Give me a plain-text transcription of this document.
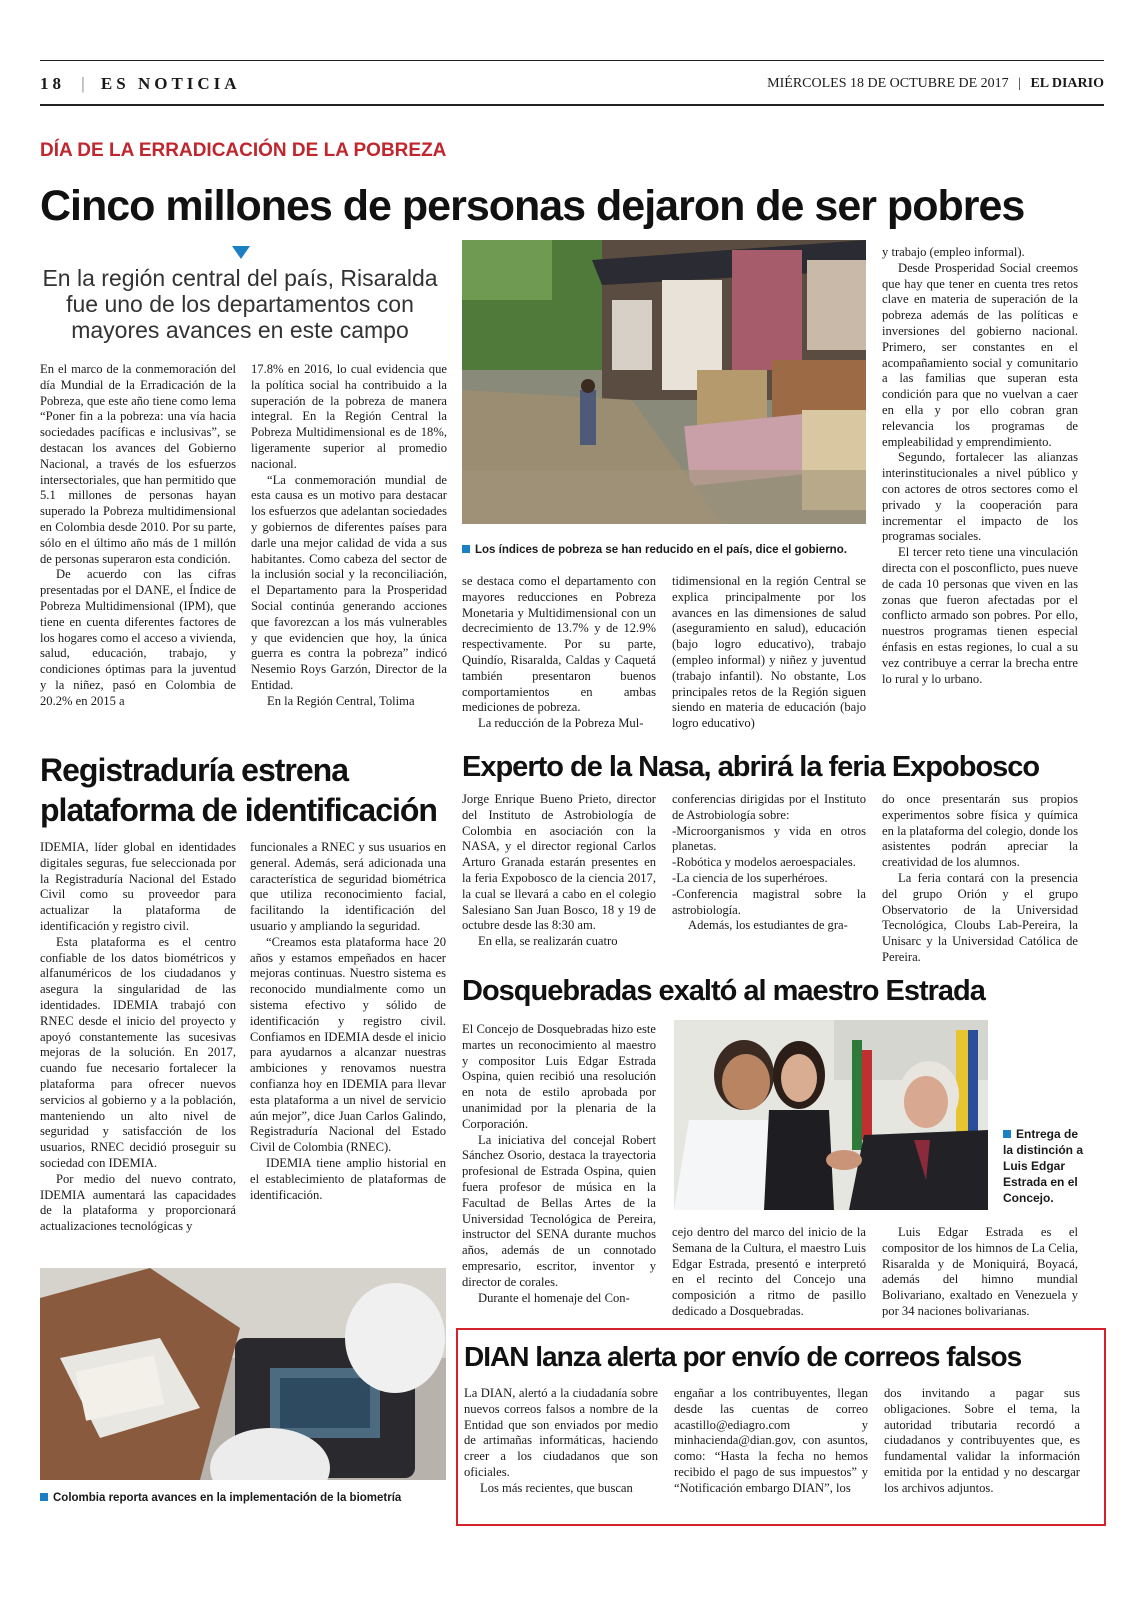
18 | ES NOTICIA	MIÉRCOLES 18 DE OCTUBRE DE 2017 | EL DIARIO
DÍA DE LA ERRADICACIÓN DE LA POBREZA
Cinco millones de personas dejaron de ser pobres
En la región central del país, Risaralda fue uno de los departamentos con mayores avances en este campo

En el marco de la conmemoración del día Mundial de la Erradicación de la Pobreza, que este año tiene como lema “Poner fin a la pobreza: una vía hacia sociedades pacíficas e inclusivas”, se destacan los avances del Gobierno Nacional, a través de los esfuerzos intersectoriales, que han permitido que 5.1 millones de personas hayan superado la Pobreza multidimensional en Colombia desde 2010. Por su parte, sólo en el último año más de 1 millón de personas superaron esta condición.

De acuerdo con las cifras presentadas por el DANE, el Índice de Pobreza Multidimensional (IPM), que tiene en cuenta diferentes factores de los hogares como el acceso a vivienda, salud, educación, trabajo, y condiciones óptimas para la juventud y la niñez, pasó en Colombia de 20.2% en 2015 a

17.8% en 2016, lo cual evidencia que la política social ha contribuido a la superación de la pobreza de manera integral. En la Región Central la Pobreza Multidimensional es de 18%, ligeramente superior al promedio nacional.

“La conmemoración mundial de esta causa es un motivo para destacar los esfuerzos que adelantan sociedades y gobiernos de diferentes países para darle una mejor calidad de vida a sus habitantes. Como cabeza del sector de la inclusión social y la reconciliación, el Departamento para la Prosperidad Social continúa generando acciones que favorezcan a los más vulnerables y que evidencien que hoy, la única guerra es contra la pobreza” indicó Nesemio Roys Garzón, Director de la Entidad.

En la Región Central, Tolima

Los índices de pobreza se han reducido en el país, dice el gobierno.

se destaca como el departamento con mayores reducciones en Pobreza Monetaria y Multidimensional con un decrecimiento de 13.7% y de 12.9% respectivamente. Por su parte, Quindío, Risaralda, Caldas y Caquetá también presentaron buenos comportamientos en ambas mediciones de pobreza.

La reducción de la Pobreza Mul-

tidimensional en la región Central se explica principalmente por los avances en las dimensiones de salud (aseguramiento en salud), educación (bajo logro educativo), trabajo (empleo informal) y niñez y juventud (trabajo infantil). No obstante, Los principales retos de la Región siguen siendo en materia de educación (bajo logro educativo)

y trabajo (empleo informal).

Desde Prosperidad Social creemos que hay que tener en cuenta tres retos clave en materia de superación de la pobreza además de las políticas e inversiones del gobierno nacional. Primero, ser constantes en el acompañamiento social y comunitario a las familias que superan esta condición para que no vuelvan a caer en ella y por ello cobran gran relevancia los programas de empleabilidad y emprendimiento.

Segundo, fortalecer las alianzas interinstitucionales a nivel público y con actores de otros sectores como el privado y la cooperación para incrementar el impacto de los programas sociales.

El tercer reto tiene una vinculación directa con el posconflicto, pues nueve de cada 10 personas que viven en las zonas que fueron afectadas por el conflicto armado son pobres. Por ello, nuestros programas tienen especial énfasis en estas regiones, lo cual a su vez contribuye a cerrar la brecha entre lo rural y lo urbano.

Registraduría estrena
plataforma de identificación

IDEMIA, líder global en identidades digitales seguras, fue seleccionada por la Registraduría Nacional del Estado Civil como su proveedor para actualizar la plataforma de identificación y registro civil.

Esta plataforma es el centro confiable de los datos biométricos y alfanuméricos de los ciudadanos y asegura la singularidad de las identidades. IDEMIA trabajó con RNEC desde el inicio del proyecto y apoyó constantemente las sucesivas mejoras de la solución. En 2017, cuando fue necesario fortalecer la plataforma para ofrecer nuevos servicios al gobierno y a la población, manteniendo un alto nivel de seguridad y satisfacción de los usuarios, RNEC decidió proseguir su sociedad con IDEMIA.

Por medio del nuevo contrato, IDEMIA aumentará las capacidades de la plataforma y proporcionará actualizaciones tecnológicas y

funcionales a RNEC y sus usuarios en general. Además, será adicionada una característica de seguridad biométrica que utiliza reconocimiento facial, facilitando la identificación del usuario y ampliando la seguridad.

“Creamos esta plataforma hace 20 años y estamos empeñados en hacer mejoras continuas. Nuestro sistema es reconocido mundialmente como un sistema efectivo y sólido de identificación y registro civil. Confiamos en IDEMIA desde el inicio para ayudarnos a alcanzar nuestras ambiciones y renovamos nuestra confianza hoy en IDEMIA para llevar esta plataforma a un nivel de servicio aún mejor”, dice Juan Carlos Galindo, Registraduría Nacional del Estado Civil de Colombia (RNEC).

IDEMIA tiene amplio historial en el establecimiento de plataformas de identificación.

Colombia reporta avances en la implementación de la biometría
Experto de la Nasa, abrirá la feria Expobosco

Jorge Enrique Bueno Prieto, director del Instituto de Astrobiología de Colombia en asociación con la NASA, y el director regional Carlos Arturo Granada estarán presentes en la feria Expobosco de la ciencia 2017, la cual se llevará a cabo en el colegio Salesiano San Juan Bosco, 18 y 19 de octubre desde las 8:30 am.

En ella, se realizarán cuatro

conferencias dirigidas por el Instituto de Astrobiología sobre:

-Microorganismos y vida en otros planetas.

-Robótica y modelos aeroespaciales.

-La ciencia de los superhéroes.

-Conferencia magistral sobre la astrobiología.

Además, los estudiantes de gra-

do once presentarán sus propios experimentos sobre física y química en la plataforma del colegio, donde los asistentes podrán apreciar la creatividad de los alumnos.

La feria contará con la presencia del grupo Orión y el grupo Observatorio de la Universidad Tecnológica, Cloubs Lab-Pereira, la Unisarc y la Universidad Católica de Pereira.

Dosquebradas exaltó al maestro Estrada

El Concejo de Dosquebradas hizo este martes un reconocimiento al maestro y compositor Luis Edgar Estrada Ospina, quien recibió una resolución en nota de estilo aprobada por unanimidad por la plenaria de la Corporación.

La iniciativa del concejal Robert Sánchez Osorio, destaca la trayectoria profesional de Estrada Ospina, quien fuera profesor de música en la Facultad de Bellas Artes de la Universidad Tecnológica de Pereira, instructor del SENA durante muchos años, además de un connotado empresario, escritor, inventor y director de corales.

Durante el homenaje del Con-

Entrega de la distinción a Luis Edgar Estrada en el Concejo.

cejo dentro del marco del inicio de la Semana de la Cultura, el maestro Luis Edgar Estrada, presentó e interpretó en el recinto del Concejo una composición a ritmo de pasillo dedicado a Dosquebradas.

Luis Edgar Estrada es el compositor de los himnos de La Celia, Risaralda y de Moniquirá, Boyacá, además del himno mundial Bolivariano, exaltado en Venezuela y por 34 naciones bolivarianas.

DIAN lanza alerta por envío de correos falsos

La DIAN, alertó a la ciudadanía sobre nuevos correos falsos a nombre de la Entidad que son enviados por medio de artimañas informáticas, haciendo creer a los ciudadanos que son oficiales.

Los más recientes, que buscan

engañar a los contribuyentes, llegan desde las cuentas de correo acastillo@ediagro.com y minhacienda@dian.gov, con asuntos, como: “Hasta la fecha no hemos recibido el pago de sus impuestos” y “Notificación embargo DIAN”, los

dos invitando a pagar sus obligaciones. Sobre el tema, la autoridad tributaria recordó a ciudadanos y contribuyentes que, es fundamental validar la información emitida por la entidad y no descargar los archivos adjuntos.
